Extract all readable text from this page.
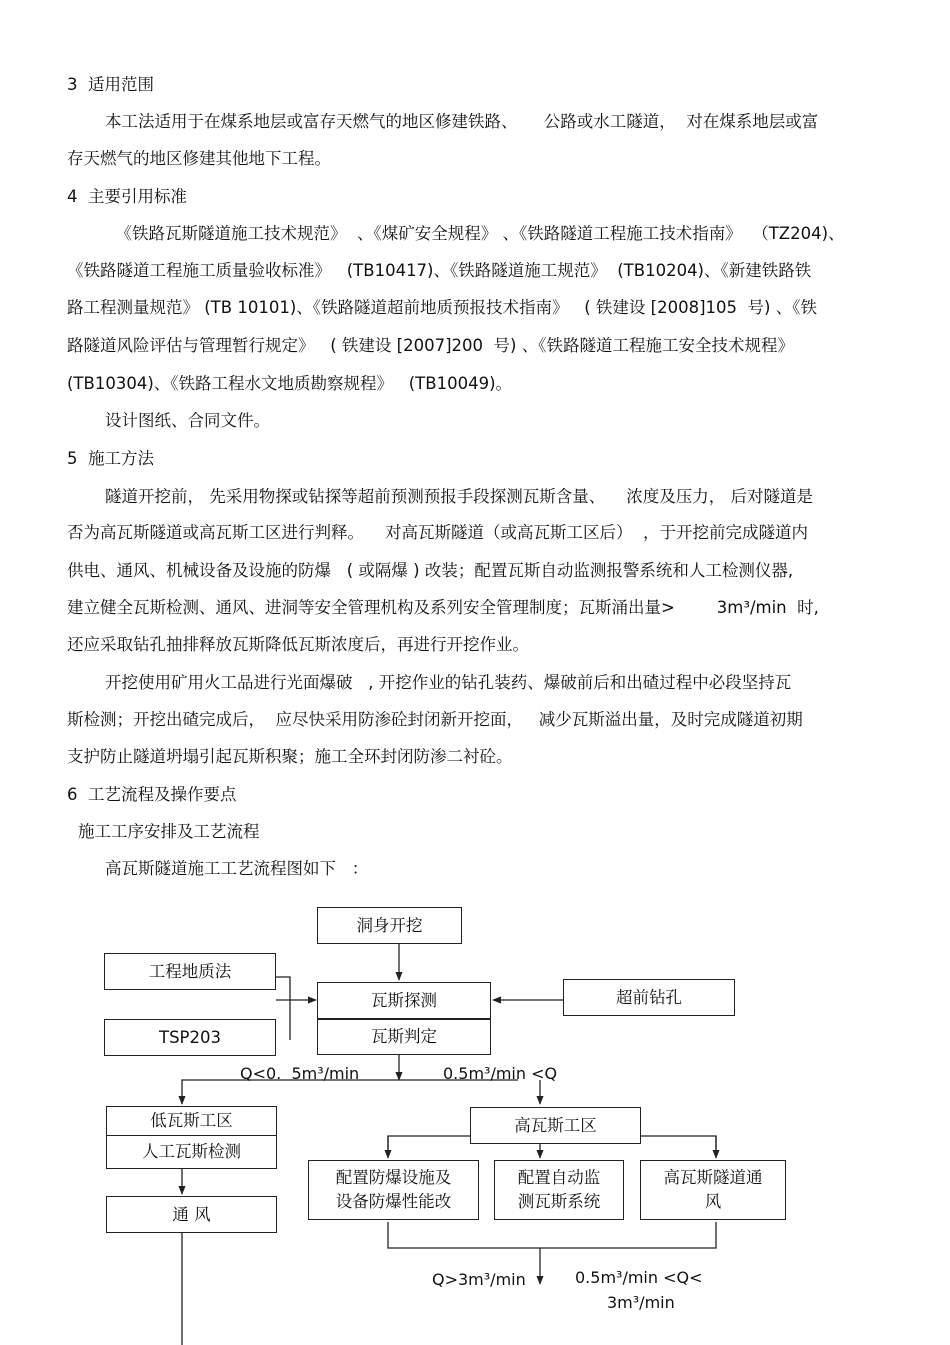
3  适用范围
本工法适用于在煤系地层或富存天燃气的地区修建铁路、     公路或水工隧道，  对在煤系地层或富
存天燃气的地区修建其他地下工程。
4  主要引用标准
《铁路瓦斯隧道施工技术规范》  、《煤矿安全规程》 、《铁路隧道工程施工技术指南》  （TZ204)、
《铁路隧道工程施工质量验收标准》   (TB10417)、《铁路隧道施工规范》  (TB10204)、《新建铁路铁
路工程测量规范》 (TB 10101)、《铁路隧道超前地质预报技术指南》   ( 铁建设 [2008]105  号) 、《铁
路隧道风险评估与管理暂行规定》   ( 铁建设 [2007]200  号) 、《铁路隧道工程施工安全技术规程》
(TB10304)、《铁路工程水文地质勘察规程》   (TB10049)。
设计图纸、合同文件。
5  施工方法
隧道开挖前， 先采用物探或钻探等超前预测预报手段探测瓦斯含量、    浓度及压力， 后对隧道是
否为高瓦斯隧道或高瓦斯工区进行判释。    对高瓦斯隧道（或高瓦斯工区后）  ，于开挖前完成隧道内
供电、通风、机械设备及设施的防爆   ( 或隔爆 ) 改装；配置瓦斯自动监测报警系统和人工检测仪器,
建立健全瓦斯检测、通风、进洞等安全管理机构及系列安全管理制度；瓦斯涌出量>        3m³/min  时,
还应采取钻孔抽排释放瓦斯降低瓦斯浓度后，再进行开挖作业。
开挖使用矿用火工品进行光面爆破   , 开挖作业的钻孔装药、爆破前后和出碴过程中必段坚持瓦
斯检测；开挖出碴完成后，  应尽快采用防渗砼封闭新开挖面，   减少瓦斯溢出量，及时完成隧道初期
支护防止隧道坍塌引起瓦斯积聚；施工全环封闭防渗二衬砼。
6  工艺流程及操作要点
施工工序安排及工艺流程
高瓦斯隧道施工工艺流程图如下   ：
洞身开挖
工程地质法
TSP203
瓦斯探测
瓦斯判定
超前钻孔
Q<0.  5m³/min	0.5m³/min <Q
低瓦斯工区
人工瓦斯检测
通 风
高瓦斯工区
配置防爆设施及
设备防爆性能改
配置自动监
测瓦斯系统
高瓦斯隧道通
风
Q>3m³/min	0.5m³/min <Q<
3m³/min
